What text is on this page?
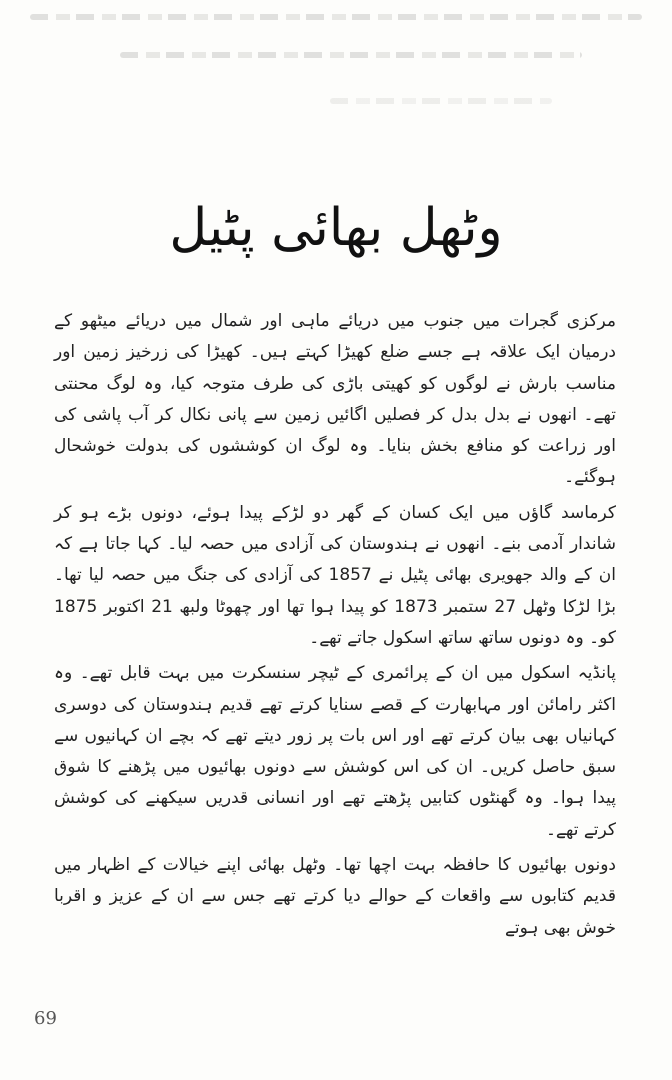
وٹھل بھائی پٹیل

مرکزی گجرات میں جنوب میں دریائے ماہی اور شمال میں دریائے میٹھو کے درمیان ایک علاقہ ہے جسے ضلع کھیڑا کہتے ہیں۔ کھیڑا کی زرخیز زمین اور مناسب بارش نے لوگوں کو کھیتی باڑی کی طرف متوجہ کیا، وہ لوگ محنتی تھے۔ انھوں نے بدل بدل کر فصلیں اگائیں زمین سے پانی نکال کر آب پاشی کی اور زراعت کو منافع بخش بنایا۔ وہ لوگ ان کوششوں کی بدولت خوشحال ہوگئے۔

کرماسد گاؤں میں ایک کسان کے گھر دو لڑکے پیدا ہوئے، دونوں بڑے ہو کر شاندار آدمی بنے۔ انھوں نے ہندوستان کی آزادی میں حصہ لیا۔ کہا جاتا ہے کہ ان کے والد جھویری بھائی پٹیل نے 1857 کی آزادی کی جنگ میں حصہ لیا تھا۔ بڑا لڑکا وٹھل 27 ستمبر 1873 کو پیدا ہوا تھا اور چھوٹا ولبھ 21 اکتوبر 1875 کو۔ وہ دونوں ساتھ ساتھ اسکول جاتے تھے۔

پانڈیہ اسکول میں ان کے پرائمری کے ٹیچر سنسکرت میں بہت قابل تھے۔ وہ اکثر رامائن اور مہابھارت کے قصے سنایا کرتے تھے قدیم ہندوستان کی دوسری کہانیاں بھی بیان کرتے تھے اور اس بات پر زور دیتے تھے کہ بچے ان کہانیوں سے سبق حاصل کریں۔ ان کی اس کوشش سے دونوں بھائیوں میں پڑھنے کا شوق پیدا ہوا۔ وہ گھنٹوں کتابیں پڑھتے تھے اور انسانی قدریں سیکھنے کی کوشش کرتے تھے۔

دونوں بھائیوں کا حافظہ بہت اچھا تھا۔ وٹھل بھائی اپنے خیالات کے اظہار میں قدیم کتابوں سے واقعات کے حوالے دیا کرتے تھے جس سے ان کے عزیز و اقربا خوش بھی ہوتے

69
